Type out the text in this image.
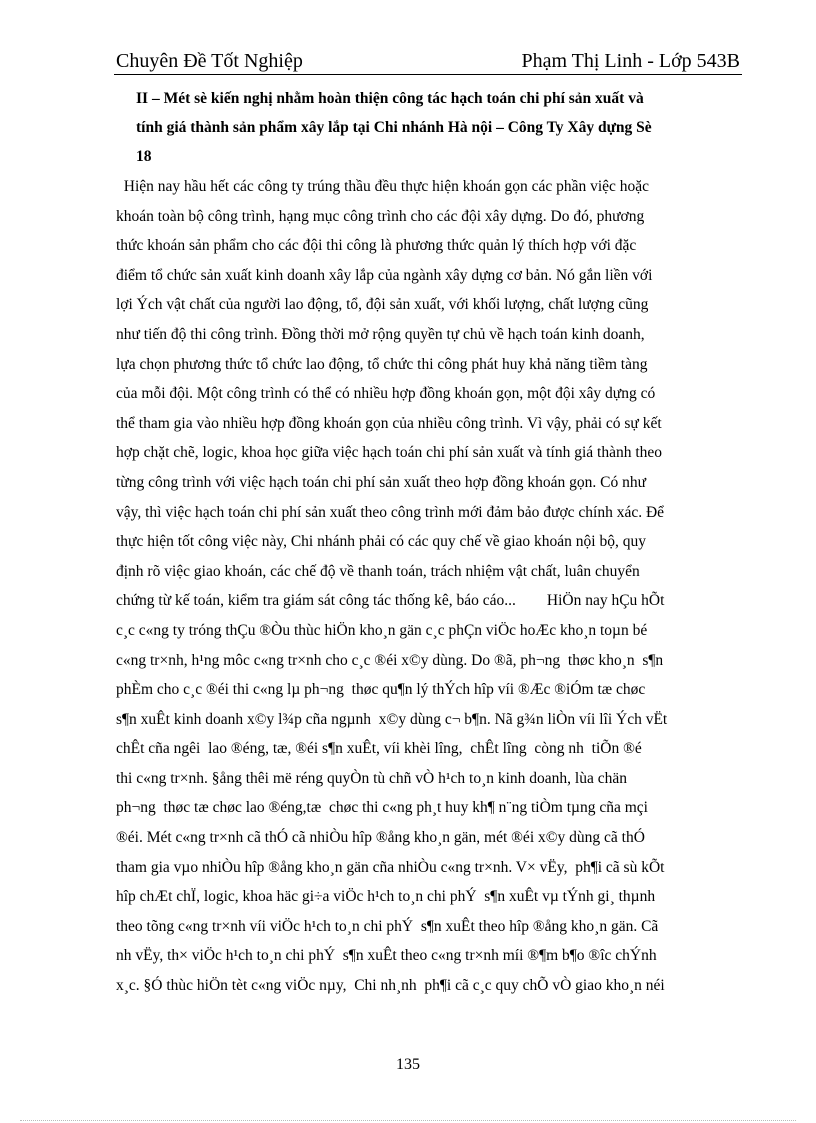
Chuyên Đề Tốt Nghiệp	Phạm Thị Linh - Lớp 543B
II – Mét sè kiến nghị nhằm hoàn thiện công tác hạch toán chi phí sản xuất và
tính giá thành sản phẩm xây lắp tại Chi nhánh Hà nội – Công Ty Xây dựng Sè
18
Hiện nay hầu hết các công ty trúng thầu đều thực hiện khoán gọn các phần việc hoặc
khoán toàn bộ công trình, hạng mục công trình cho các đội xây dựng. Do đó, phương
thức khoán sản phẩm cho các đội thi công là phương thức quản lý thích hợp với đặc
điểm tổ chức sản xuất kinh doanh xây lắp của ngành xây dựng cơ bản. Nó gắn liền với
lợi Ých vật chất của người lao động, tổ, đội sản xuất, với khối lượng, chất lượng cũng
như tiến độ thi công trình. Đồng thời mở rộng quyền tự chủ về hạch toán kinh doanh,
lựa chọn phương thức tổ chức lao động, tổ chức thi công phát huy khả năng tiềm tàng
của mỗi đội. Một công trình có thể có nhiều hợp đồng khoán gọn, một đội xây dựng có
thể tham gia vào nhiều hợp đồng khoán gọn của nhiều công trình. Vì vậy, phải có sự kết
hợp chặt chẽ, logic, khoa học giữa việc hạch toán chi phí sản xuất và tính giá thành theo
từng công trình với việc hạch toán chi phí sản xuất theo hợp đồng khoán gọn. Có như
vậy, thì việc hạch toán chi phí sản xuất theo công trình mới đảm bảo được chính xác. Để
thực hiện tốt công việc này, Chi nhánh phải có các quy chế về giao khoán nội bộ, quy
định rõ việc giao khoán, các chế độ về thanh toán, trách nhiệm vật chất, luân chuyển
chứng từ kế toán, kiểm tra giám sát công tác thống kê, báo cáo...        HiÖn nay hÇu hÕt
c¸c c«ng ty tróng thÇu ®Òu thùc hiÖn kho¸n gän c¸c phÇn viÖc hoÆc kho¸n toµn bé
c«ng tr×nh, h¹ng môc c«ng tr×nh cho c¸c ®éi x©y dùng. Do ®ã, ph¬ng  thøc kho¸n  s¶n
phÈm cho c¸c ®éi thi c«ng lµ ph¬ng  thøc qu¶n lý thÝch hîp víi ®Æc ®iÓm tæ chøc
s¶n xuÊt kinh doanh x©y l¾p cña ngµnh  x©y dùng c¬ b¶n. Nã g¾n liÒn víi lîi Ých vËt
chÊt cña ngêi  lao ®éng, tæ, ®éi s¶n xuÊt, víi khèi lîng,  chÊt lîng  còng nh  tiÕn ®é
thi c«ng tr×nh. §ång thêi më réng quyÒn tù chñ vÒ h¹ch to¸n kinh doanh, lùa chän
ph¬ng  thøc tæ chøc lao ®éng,tæ  chøc thi c«ng ph¸t huy kh¶ n¨ng tiÒm tµng cña mçi
®éi. Mét c«ng tr×nh cã thÓ cã nhiÒu hîp ®ång kho¸n gän, mét ®éi x©y dùng cã thÓ
tham gia vµo nhiÒu hîp ®ång kho¸n gän cña nhiÒu c«ng tr×nh. V× vËy,  ph¶i cã sù kÕt
hîp chÆt chÏ, logic, khoa häc gi÷a viÖc h¹ch to¸n chi phÝ  s¶n xuÊt vµ tÝnh gi¸ thµnh
theo tõng c«ng tr×nh víi viÖc h¹ch to¸n chi phÝ  s¶n xuÊt theo hîp ®ång kho¸n gän. Cã
nh vËy, th× viÖc h¹ch to¸n chi phÝ  s¶n xuÊt theo c«ng tr×nh míi ®¶m b¶o ®îc chÝnh
x¸c. §Ó thùc hiÖn tèt c«ng viÖc nµy,  Chi nh¸nh  ph¶i cã c¸c quy chÕ vÒ giao kho¸n néi
135
